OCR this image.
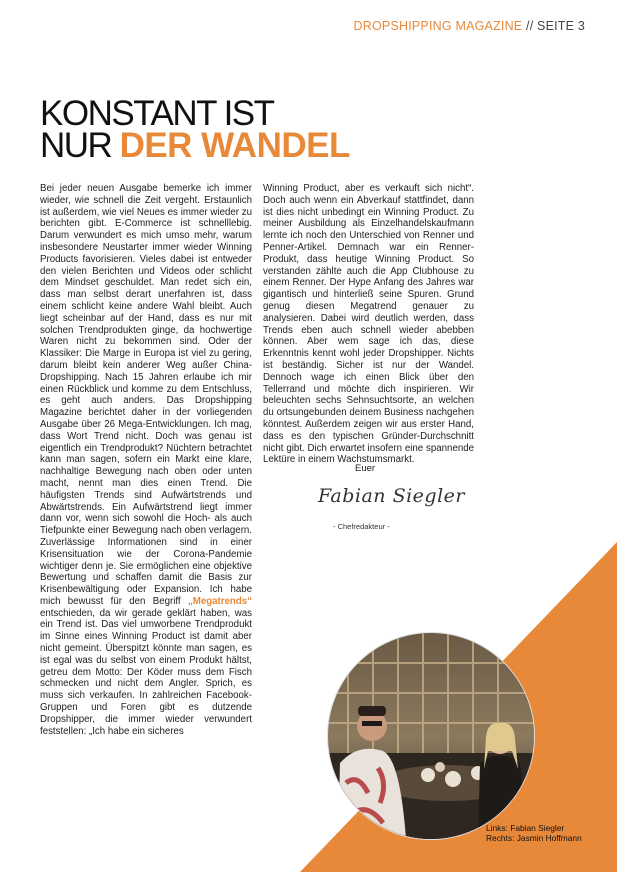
DROPSHIPPING MAGAZINE // SEITE 3
KONSTANT IST
NUR DER WANDEL

Bei jeder neuen Ausgabe bemerke ich immer wieder, wie schnell die Zeit vergeht. Erstaunlich ist außerdem, wie viel Neues es immer wieder zu berichten gibt. E-Commerce ist schnelllebig. Darum verwundert es mich umso mehr, warum insbesondere Neustarter immer wieder Winning Products favorisieren. Vieles dabei ist entweder den vielen Berichten und Videos oder schlicht dem Mindset geschuldet. Man redet sich ein, dass man selbst derart unerfahren ist, dass einem schlicht keine andere Wahl bleibt. Auch liegt scheinbar auf der Hand, dass es nur mit solchen Trendprodukten ginge, da hochwertige Waren nicht zu bekommen sind. Oder der Klassiker: Die Marge in Europa ist viel zu gering, darum bleibt kein anderer Weg außer China-Dropshipping. Nach 15 Jahren erlaube ich mir einen Rückblick und komme zu dem Entschluss, es geht auch anders. Das Dropshipping Magazine berichtet daher in der vorliegenden Ausgabe über 26 Mega-Entwicklungen. Ich mag, dass Wort Trend nicht. Doch was genau ist eigentlich ein Trendprodukt? Nüchtern betrachtet kann man sagen, sofern ein Markt eine klare, nachhaltige Bewegung nach oben oder unten macht, nennt man dies einen Trend. Die häufigsten Trends sind Aufwärtstrends und Abwärtstrends. Ein Aufwärtstrend liegt immer dann vor, wenn sich sowohl die Hoch- als auch Tiefpunkte einer Bewegung nach oben verlagern. Zuverlässige Informationen sind in einer Krisensituation wie der Corona-Pandemie wichtiger denn je. Sie ermöglichen eine objektive Bewertung und schaffen damit die Basis zur Krisenbewältigung oder Expansion. Ich habe mich bewusst für den Begriff „Megatrends“ entschieden, da wir gerade geklärt haben, was ein Trend ist. Das viel umworbene Trendprodukt im Sinne eines Winning Product ist damit aber nicht gemeint. Überspitzt könnte man sagen, es ist egal was du selbst von einem Produkt hältst, getreu dem Motto: Der Köder muss dem Fisch schmecken und nicht dem Angler. Sprich, es muss sich verkaufen. In zahlreichen Facebook-Gruppen und Foren gibt es dutzende Dropshipper, die immer wieder verwundert feststellen: „Ich habe ein sicheres

Winning Product, aber es verkauft sich nicht“. Doch auch wenn ein Abverkauf stattfindet, dann ist dies nicht unbedingt ein Winning Product. Zu meiner Ausbildung als Einzelhandelskaufmann lernte ich noch den Unterschied von Renner und Penner-Artikel. Demnach war ein Renner-Produkt, dass heutige Winning Product. So verstanden zählte auch die App Clubhouse zu einem Renner. Der Hype Anfang des Jahres war gigantisch und hinterließ seine Spuren. Grund genug diesen Megatrend genauer zu analysieren. Dabei wird deutlich werden, dass Trends eben auch schnell wieder abebben können. Aber wem sage ich das, diese Erkenntnis kennt wohl jeder Dropshipper. Nichts ist beständig. Sicher ist nur der Wandel. Dennoch wage ich einen Blick über den Tellerrand und möchte dich inspirieren. Wir beleuchten sechs Sehnsuchtsorte, an welchen du ortsungebunden deinem Business nachgehen könntest. Außerdem zeigen wir aus erster Hand, dass es den typischen Gründer-Durchschnitt nicht gibt. Dich erwartet insofern eine spannende Lektüre in einem Wachstumsmarkt.

Euer
Fabian Siegler
- Chefredakteur -
Links: Fabian Siegler
Rechts: Jasmin Hoffmann
